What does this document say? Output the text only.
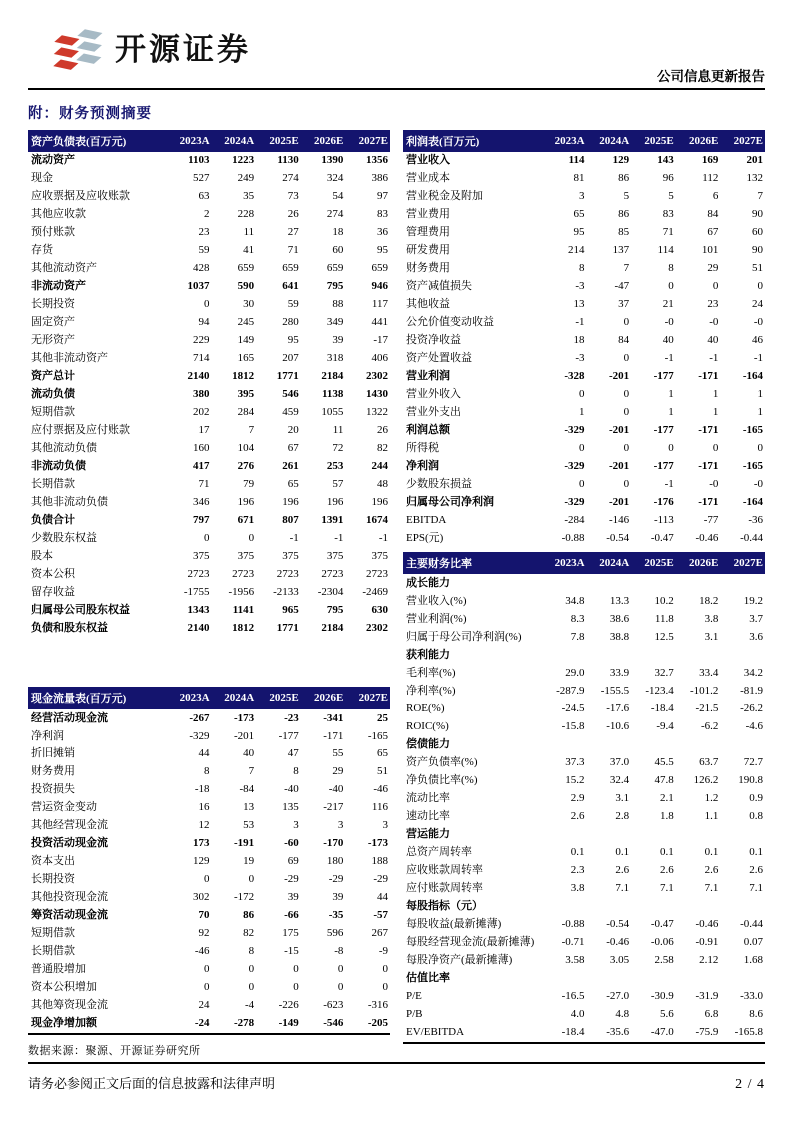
开源证券
公司信息更新报告
附：财务预测摘要
资产负债表(百万元)	2023A	2024A	2025E	2026E	2027E
流动资产	1103	1223	1130	1390	1356
现金	527	249	274	324	386
应收票据及应收账款	63	35	73	54	97
其他应收款	2	228	26	274	83
预付账款	23	11	27	18	36
存货	59	41	71	60	95
其他流动资产	428	659	659	659	659
非流动资产	1037	590	641	795	946
长期投资	0	30	59	88	117
固定资产	94	245	280	349	441
无形资产	229	149	95	39	-17
其他非流动资产	714	165	207	318	406
资产总计	2140	1812	1771	2184	2302
流动负债	380	395	546	1138	1430
短期借款	202	284	459	1055	1322
应付票据及应付账款	17	7	20	11	26
其他流动负债	160	104	67	72	82
非流动负债	417	276	261	253	244
长期借款	71	79	65	57	48
其他非流动负债	346	196	196	196	196
负债合计	797	671	807	1391	1674
少数股东权益	0	0	-1	-1	-1
股本	375	375	375	375	375
资本公积	2723	2723	2723	2723	2723
留存收益	-1755	-1956	-2133	-2304	-2469
归属母公司股东权益	1343	1141	965	795	630
负债和股东权益	2140	1812	1771	2184	2302
现金流量表(百万元)	2023A	2024A	2025E	2026E	2027E
经营活动现金流	-267	-173	-23	-341	25
净利润	-329	-201	-177	-171	-165
折旧摊销	44	40	47	55	65
财务费用	8	7	8	29	51
投资损失	-18	-84	-40	-40	-46
营运资金变动	16	13	135	-217	116
其他经营现金流	12	53	3	3	3
投资活动现金流	173	-191	-60	-170	-173
资本支出	129	19	69	180	188
长期投资	0	0	-29	-29	-29
其他投资现金流	302	-172	39	39	44
筹资活动现金流	70	86	-66	-35	-57
短期借款	92	82	175	596	267
长期借款	-46	8	-15	-8	-9
普通股增加	0	0	0	0	0
资本公积增加	0	0	0	0	0
其他筹资现金流	24	-4	-226	-623	-316
现金净增加额	-24	-278	-149	-546	-205
数据来源：聚源、开源证券研究所
利润表(百万元)	2023A	2024A	2025E	2026E	2027E
营业收入	114	129	143	169	201
营业成本	81	86	96	112	132
营业税金及附加	3	5	5	6	7
营业费用	65	86	83	84	90
管理费用	95	85	71	67	60
研发费用	214	137	114	101	90
财务费用	8	7	8	29	51
资产减值损失	-3	-47	0	0	0
其他收益	13	37	21	23	24
公允价值变动收益	-1	0	-0	-0	-0
投资净收益	18	84	40	40	46
资产处置收益	-3	0	-1	-1	-1
营业利润	-328	-201	-177	-171	-164
营业外收入	0	0	1	1	1
营业外支出	1	0	1	1	1
利润总额	-329	-201	-177	-171	-165
所得税	0	0	0	0	0
净利润	-329	-201	-177	-171	-165
少数股东损益	0	0	-1	-0	-0
归属母公司净利润	-329	-201	-176	-171	-164
EBITDA	-284	-146	-113	-77	-36
EPS(元)	-0.88	-0.54	-0.47	-0.46	-0.44
主要财务比率	2023A	2024A	2025E	2026E	2027E
成长能力					
营业收入(%)	34.8	13.3	10.2	18.2	19.2
营业利润(%)	8.3	38.6	11.8	3.8	3.7
归属于母公司净利润(%)	7.8	38.8	12.5	3.1	3.6
获利能力					
毛利率(%)	29.0	33.9	32.7	33.4	34.2
净利率(%)	-287.9	-155.5	-123.4	-101.2	-81.9
ROE(%)	-24.5	-17.6	-18.4	-21.5	-26.2
ROIC(%)	-15.8	-10.6	-9.4	-6.2	-4.6
偿债能力					
资产负债率(%)	37.3	37.0	45.5	63.7	72.7
净负债比率(%)	15.2	32.4	47.8	126.2	190.8
流动比率	2.9	3.1	2.1	1.2	0.9
速动比率	2.6	2.8	1.8	1.1	0.8
营运能力					
总资产周转率	0.1	0.1	0.1	0.1	0.1
应收账款周转率	2.3	2.6	2.6	2.6	2.6
应付账款周转率	3.8	7.1	7.1	7.1	7.1
每股指标（元）					
每股收益(最新摊薄)	-0.88	-0.54	-0.47	-0.46	-0.44
每股经营现金流(最新摊薄)	-0.71	-0.46	-0.06	-0.91	0.07
每股净资产(最新摊薄)	3.58	3.05	2.58	2.12	1.68
估值比率					
P/E	-16.5	-27.0	-30.9	-31.9	-33.0
P/B	4.0	4.8	5.6	6.8	8.6
EV/EBITDA	-18.4	-35.6	-47.0	-75.9	-165.8
请务必参阅正文后面的信息披露和法律声明	2 / 4
